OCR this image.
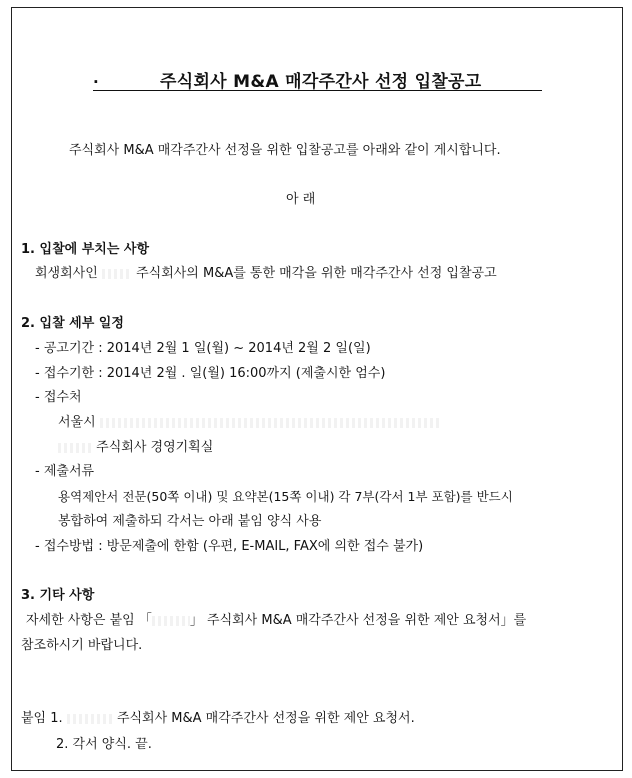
.	주식회사 M&A 매각주간사 선정 입찰공고
주식회사 M&A 매각주간사 선정을 위한 입찰공고를 아래와 같이 게시합니다.
아 래
1. 입찰에 부치는 사항
회생회사인	주식회사의 M&A를 통한 매각을 위한 매각주간사 선정 입찰공고
2. 입찰 세부 일정
- 공고기간 : 2014년 2월 1 일(월) ~ 2014년 2월 2 일(일)
- 접수기한 : 2014년 2월 . 일(월) 16:00까지 (제출시한 엄수)
- 접수처
서울시
주식회사 경영기획실
- 제출서류
용역제안서 전문(50쪽 이내) 및 요약본(15쪽 이내) 각 7부(각서 1부 포함)를 반드시
봉합하여 제출하되 각서는 아래 붙임 양식 사용
- 접수방법 : 방문제출에 한함 (우편, E-MAIL, FAX에 의한 접수 불가)
3. 기타 사항
자세한 사항은 붙임 「	」 주식회사 M&A 매각주간사 선정을 위한 제안 요청서」를
참조하시기 바랍니다.
붙임 1.	주식회사 M&A 매각주간사 선정을 위한 제안 요청서.
2. 각서 양식. 끝.
